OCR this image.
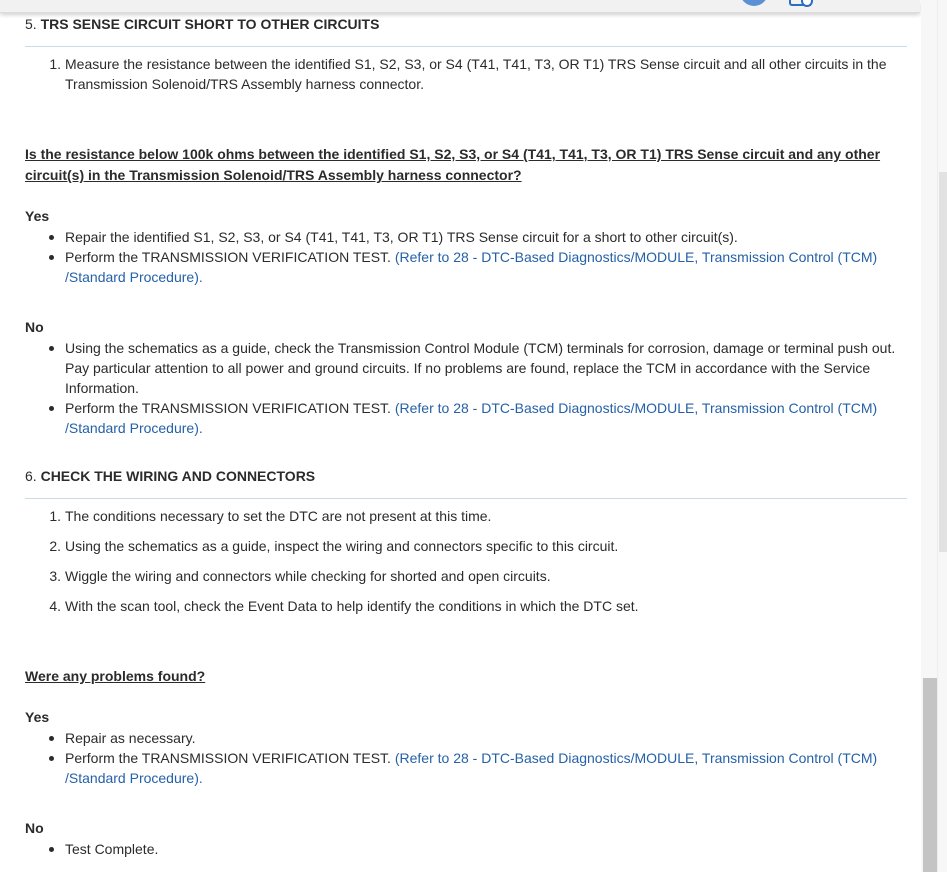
5. TRS SENSE CIRCUIT SHORT TO OTHER CIRCUITS
1. Measure the resistance between the identified S1, S2, S3, or S4 (T41, T41, T3, OR T1) TRS Sense circuit and all other circuits in the Transmission Solenoid/TRS Assembly harness connector.
Is the resistance below 100k ohms between the identified S1, S2, S3, or S4 (T41, T41, T3, OR T1) TRS Sense circuit and any other circuit(s) in the Transmission Solenoid/TRS Assembly harness connector?
Yes
Repair the identified S1, S2, S3, or S4 (T41, T41, T3, OR T1) TRS Sense circuit for a short to other circuit(s).
Perform the TRANSMISSION VERIFICATION TEST. (Refer to 28 - DTC-Based Diagnostics/MODULE, Transmission Control (TCM) /Standard Procedure).
No
Using the schematics as a guide, check the Transmission Control Module (TCM) terminals for corrosion, damage or terminal push out. Pay particular attention to all power and ground circuits. If no problems are found, replace the TCM in accordance with the Service Information.
Perform the TRANSMISSION VERIFICATION TEST. (Refer to 28 - DTC-Based Diagnostics/MODULE, Transmission Control (TCM) /Standard Procedure).
6. CHECK THE WIRING AND CONNECTORS
1. The conditions necessary to set the DTC are not present at this time.
2. Using the schematics as a guide, inspect the wiring and connectors specific to this circuit.
3. Wiggle the wiring and connectors while checking for shorted and open circuits.
4. With the scan tool, check the Event Data to help identify the conditions in which the DTC set.
Were any problems found?
Yes
Repair as necessary.
Perform the TRANSMISSION VERIFICATION TEST. (Refer to 28 - DTC-Based Diagnostics/MODULE, Transmission Control (TCM) /Standard Procedure).
No
Test Complete.
